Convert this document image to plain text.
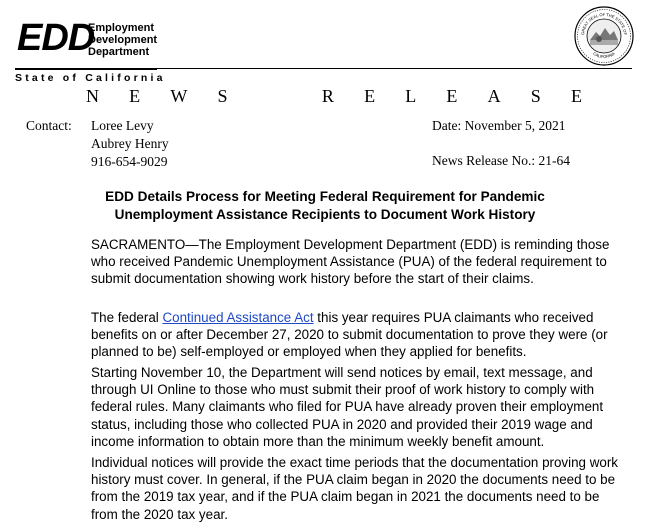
EDD
Employment
Development
Department
State of California
GREAT SEAL OF THE STATE OF
CALIFORNIA
N E W S	R E L E A S E
Contact: Loree Levy
Aubrey Henry
916-654-9029
Date: November 5, 2021
News Release No.: 21-64
EDD Details Process for Meeting Federal Requirement for Pandemic
Unemployment Assistance Recipients to Document Work History

SACRAMENTO—The Employment Development Department (EDD) is reminding those who received Pandemic Unemployment Assistance (PUA) of the federal requirement to submit documentation showing work history before the start of their claims.

The federal Continued Assistance Act this year requires PUA claimants who received benefits on or after December 27, 2020 to submit documentation to prove they were (or planned to be) self-employed or employed when they applied for benefits.

Starting November 10, the Department will send notices by email, text message, and through UI Online to those who must submit their proof of work history to comply with federal rules. Many claimants who filed for PUA have already proven their employment status, including those who collected PUA in 2020 and provided their 2019 wage and income information to obtain more than the minimum weekly benefit amount.

Individual notices will provide the exact time periods that the documentation proving work history must cover. In general, if the PUA claim began in 2020 the documents need to be from the 2019 tax year, and if the PUA claim began in 2021 the documents need to be from the 2020 tax year.
